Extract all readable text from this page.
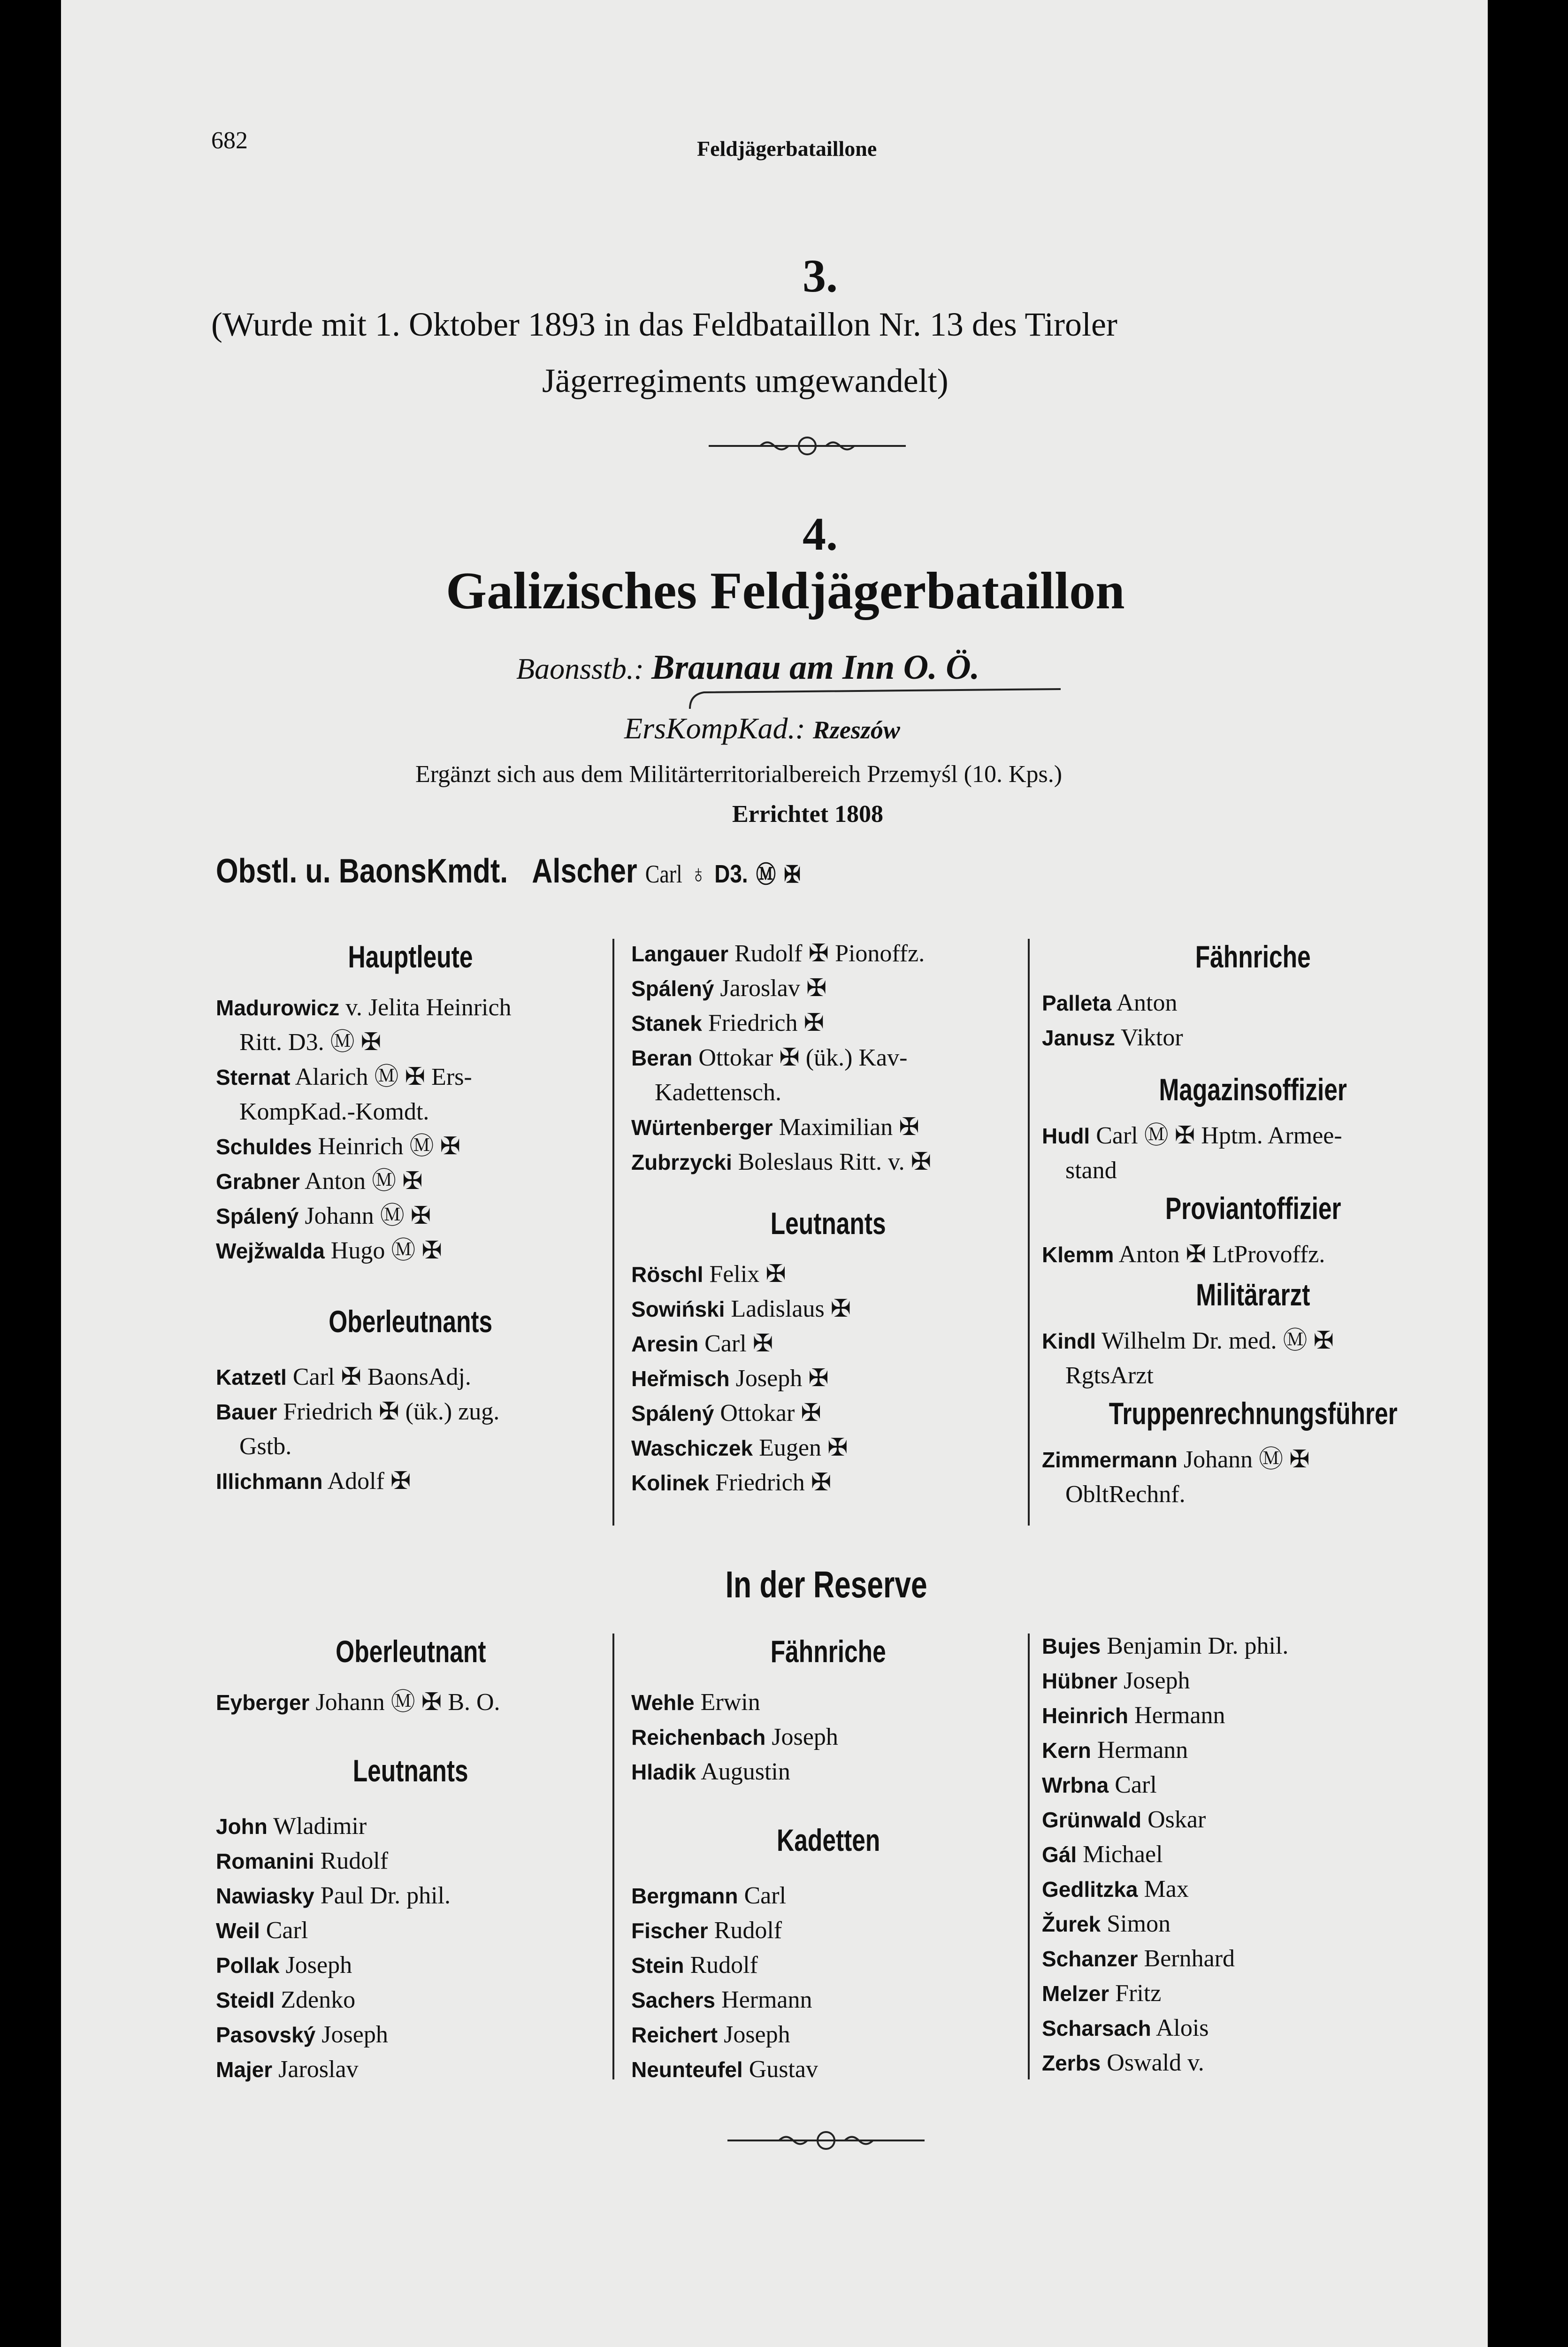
682	Feldjägerbataillone
3.
(Wurde mit 1. Oktober 1893 in das Feldbataillon Nr. 13 des Tiroler
Jägerregiments umgewandelt)
4.
Galizisches Feldjägerbataillon
Baonsstb.: Braunau am Inn O. Ö.
ErsKompKad.: Rzeszów
Ergänzt sich aus dem Militärterritorialbereich Przemyśl (10. Kps.)
Errichtet 1808
Obstl. u. BaonsKmdt. Alscher Carl ♁ D3. Ⓜ ✠
Hauptleute
Madurowicz v. Jelita Heinrich
Ritt. D3. Ⓜ ✠
Sternat Alarich Ⓜ ✠ Ers-
KompKad.-Komdt.
Schuldes Heinrich Ⓜ ✠
Grabner Anton Ⓜ ✠
Spálený Johann Ⓜ ✠
Wejžwalda Hugo Ⓜ ✠
Oberleutnants
Katzetl Carl ✠ BaonsAdj.
Bauer Friedrich ✠ (ük.) zug.
Gstb.
Illichmann Adolf ✠
Langauer Rudolf ✠ Pionoffz.
Spálený Jaroslav ✠
Stanek Friedrich ✠
Beran Ottokar ✠ (ük.) Kav-
Kadettensch.
Würtenberger Maximilian ✠
Zubrzycki Boleslaus Ritt. v. ✠
Leutnants
Röschl Felix ✠
Sowiński Ladislaus ✠
Aresin Carl ✠
Heřmisch Joseph ✠
Spálený Ottokar ✠
Waschiczek Eugen ✠
Kolinek Friedrich ✠
Fähnriche
Palleta Anton
Janusz Viktor
Magazinsoffizier
Hudl Carl Ⓜ ✠ Hptm. Armee-
stand
Proviantoffizier
Klemm Anton ✠ LtProvoffz.
Militärarzt
Kindl Wilhelm Dr. med. Ⓜ ✠
RgtsArzt
Truppenrechnungsführer
Zimmermann Johann Ⓜ ✠
ObltRechnf.
In der Reserve
Oberleutnant
Eyberger Johann Ⓜ ✠ B. O.
Leutnants
John Wladimir
Romanini Rudolf
Nawiasky Paul Dr. phil.
Weil Carl
Pollak Joseph
Steidl Zdenko
Pasovský Joseph
Majer Jaroslav
Fähnriche
Wehle Erwin
Reichenbach Joseph
Hladik Augustin
Kadetten
Bergmann Carl
Fischer Rudolf
Stein Rudolf
Sachers Hermann
Reichert Joseph
Neunteufel Gustav
Bujes Benjamin Dr. phil.
Hübner Joseph
Heinrich Hermann
Kern Hermann
Wrbna Carl
Grünwald Oskar
Gál Michael
Gedlitzka Max
Žurek Simon
Schanzer Bernhard
Melzer Fritz
Scharsach Alois
Zerbs Oswald v.
